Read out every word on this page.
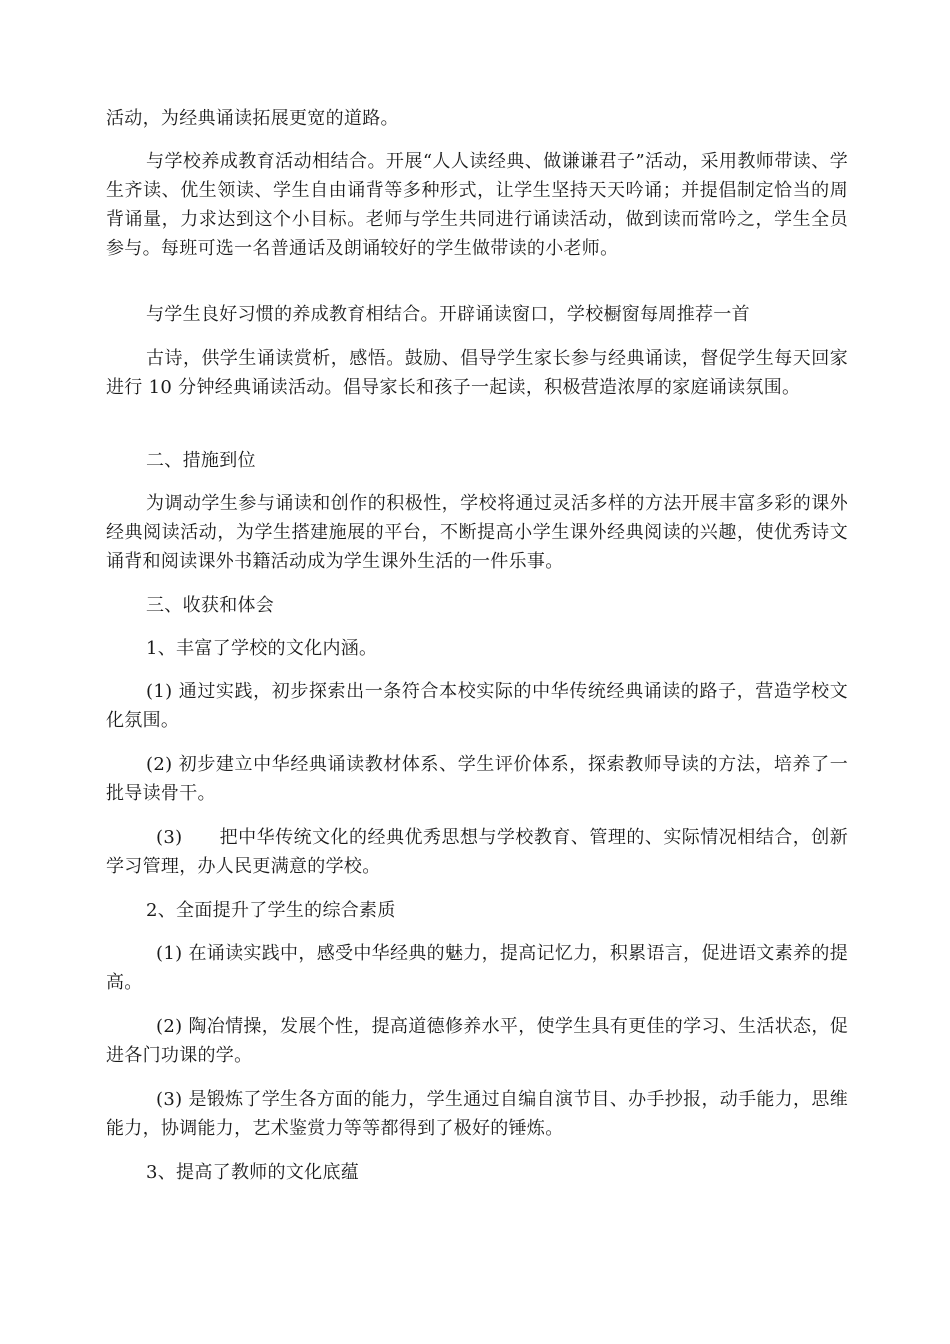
活动，为经典诵读拓展更宽的道路。

与学校养成教育活动相结合。开展“人人读经典、做谦谦君子”活动，采用教师带读、学生齐读、优生领读、学生自由诵背等多种形式，让学生坚持天天吟诵；并提倡制定恰当的周背诵量，力求达到这个小目标。老师与学生共同进行诵读活动，做到读而常吟之，学生全员参与。每班可选一名普通话及朗诵较好的学生做带读的小老师。

与学生良好习惯的养成教育相结合。开辟诵读窗口，学校橱窗每周推荐一首

古诗，供学生诵读赏析，感悟。鼓励、倡导学生家长参与经典诵读，督促学生每天回家进行 10 分钟经典诵读活动。倡导家长和孩子一起读，积极营造浓厚的家庭诵读氛围。

二、措施到位

为调动学生参与诵读和创作的积极性，学校将通过灵活多样的方法开展丰富多彩的课外经典阅读活动，为学生搭建施展的平台，不断提高小学生课外经典阅读的兴趣，使优秀诗文诵背和阅读课外书籍活动成为学生课外生活的一件乐事。

三、收获和体会

1、丰富了学校的文化内涵。

(1) 通过实践，初步探索出一条符合本校实际的中华传统经典诵读的路子，营造学校文化氛围。

(2) 初步建立中华经典诵读教材体系、学生评价体系，探索教师导读的方法，培养了一批导读骨干。

(3)      把中华传统文化的经典优秀思想与学校教育、管理的、实际情况相结合，创新学习管理，办人民更满意的学校。

2、全面提升了学生的综合素质

(1) 在诵读实践中，感受中华经典的魅力，提高记忆力，积累语言，促进语文素养的提高。

(2) 陶冶情操，发展个性，提高道德修养水平，使学生具有更佳的学习、生活状态，促进各门功课的学。

(3) 是锻炼了学生各方面的能力，学生通过自编自演节目、办手抄报，动手能力，思维能力，协调能力，艺术鉴赏力等等都得到了极好的锤炼。

3、提高了教师的文化底蕴
